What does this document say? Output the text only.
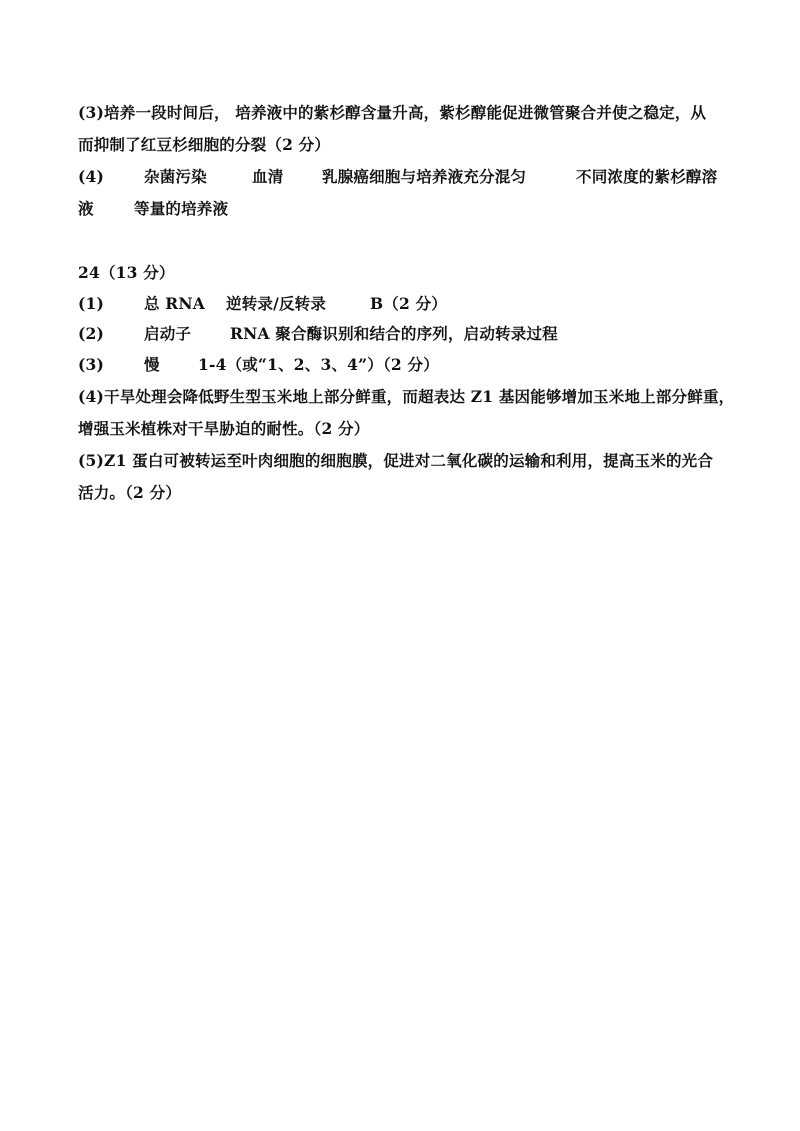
(3)培养一段时间后， 培养液中的紫杉醇含量升高，紫杉醇能促进微管聚合并使之稳定，从
而抑制了红豆杉细胞的分裂（2 分）
(4)	杂菌污染	血清 乳腺癌细胞与培养液充分混匀	不同浓度的紫杉醇溶
液	等量的培养液
24（13 分）
(1)	总 RNA 逆转录/反转录	B（2 分）
(2)	启动子	RNA 聚合酶识别和结合的序列，启动转录过程
(3)	慢 1-4（或“1、2、3、4”）（2 分）
(4)干旱处理会降低野生型玉米地上部分鲜重，而超表达 Z1 基因能够增加玉米地上部分鲜重，
增强玉米植株对干旱胁迫的耐性。（2 分）
(5)Z1 蛋白可被转运至叶肉细胞的细胞膜，促进对二氧化碳的运输和利用，提高玉米的光合
活力。（2 分）
